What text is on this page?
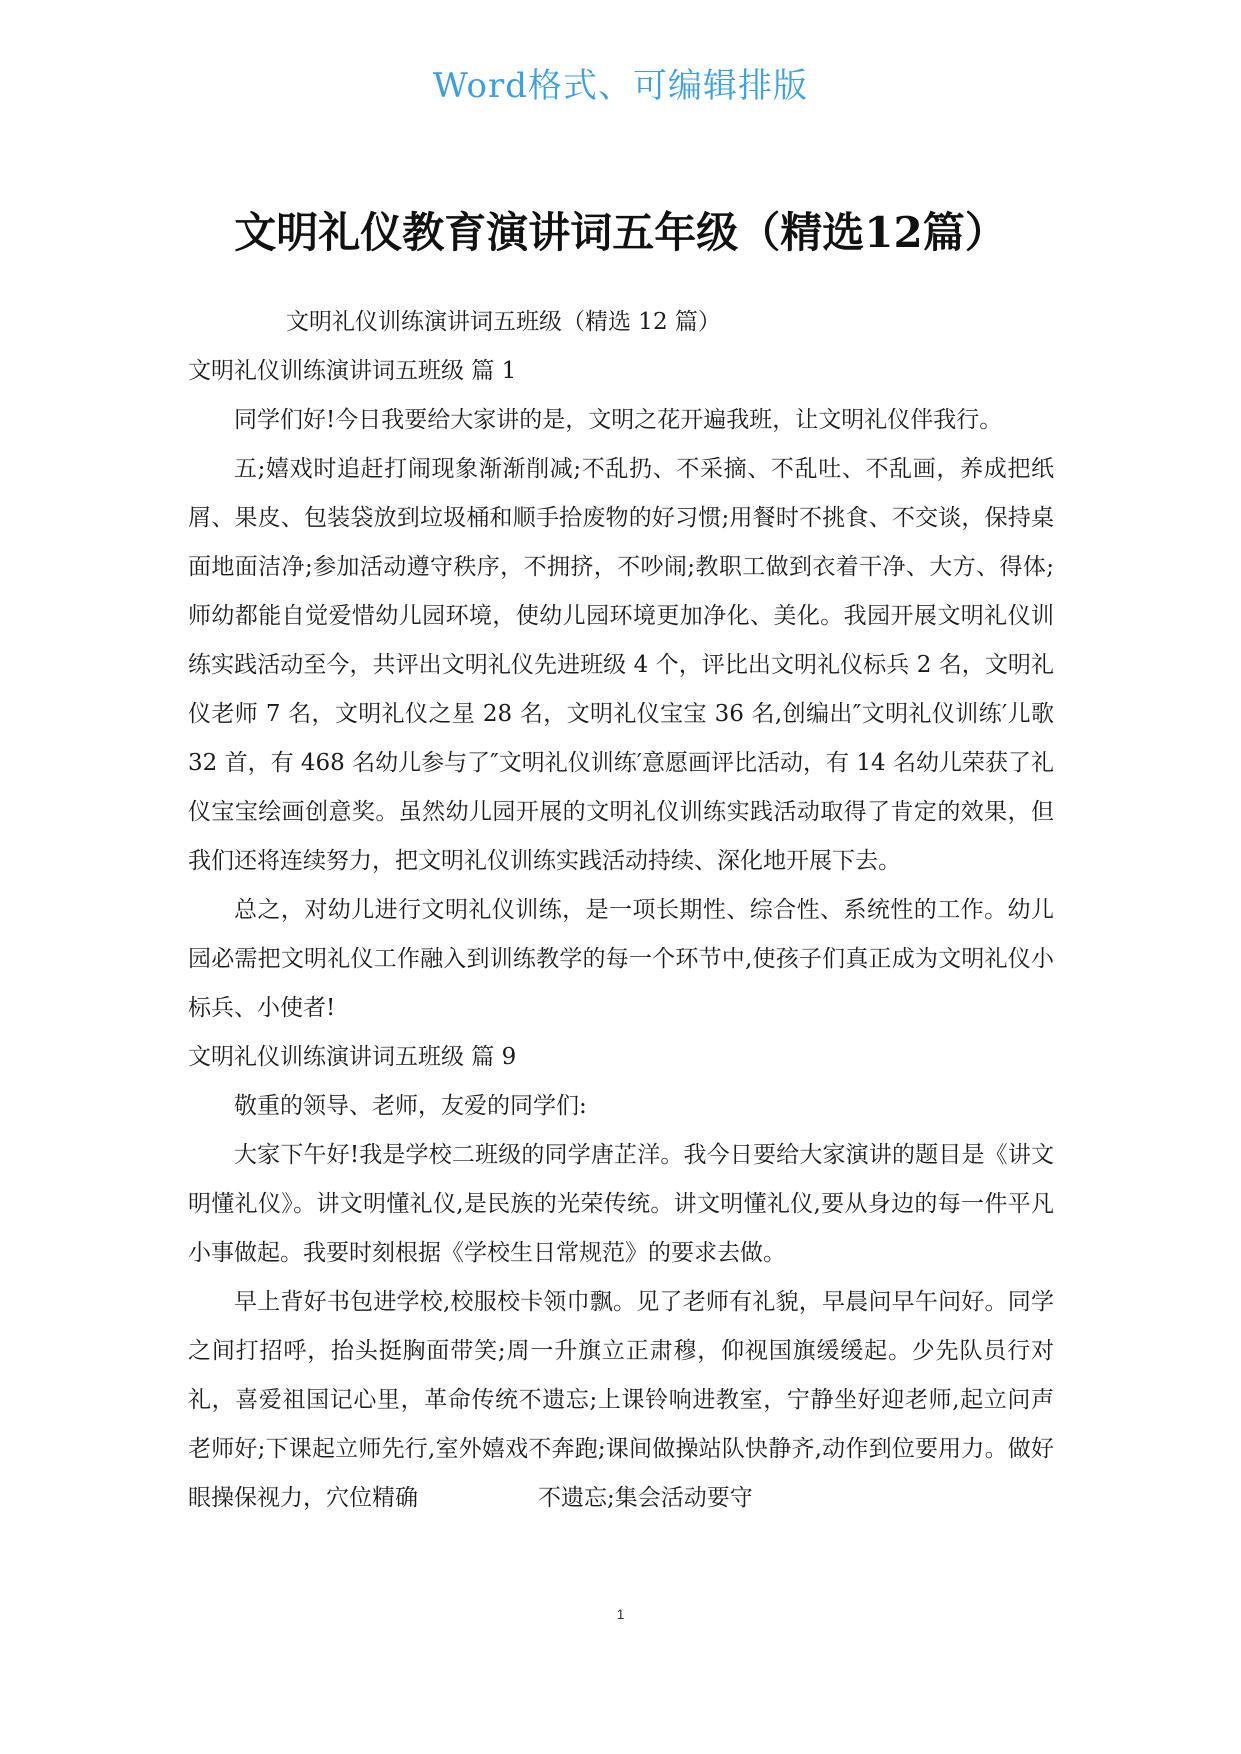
Word格式、可编辑排版
文明礼仪教育演讲词五年级（精选12篇）

文明礼仪训练演讲词五班级（精选 12 篇）

文明礼仪训练演讲词五班级 篇 1

同学们好!今日我要给大家讲的是，文明之花开遍我班，让文明礼仪伴我行。

五;嬉戏时追赶打闹现象渐渐削减;不乱扔、不采摘、不乱吐、不乱画，养成把纸屑、果皮、包装袋放到垃圾桶和顺手拾废物的好习惯;用餐时不挑食、不交谈，保持桌面地面洁净;参加活动遵守秩序，不拥挤，不吵闹;教职工做到衣着干净、大方、得体;师幼都能自觉爱惜幼儿园环境，使幼儿园环境更加净化、美化。我园开展文明礼仪训练实践活动至今，共评出文明礼仪先进班级 4 个，评比出文明礼仪标兵 2 名，文明礼仪老师 7 名，文明礼仪之星 28 名，文明礼仪宝宝 36 名,创编出″文明礼仪训练′儿歌 32 首，有 468 名幼儿参与了″文明礼仪训练′意愿画评比活动，有 14 名幼儿荣获了礼仪宝宝绘画创意奖。虽然幼儿园开展的文明礼仪训练实践活动取得了肯定的效果，但我们还将连续努力，把文明礼仪训练实践活动持续、深化地开展下去。

总之，对幼儿进行文明礼仪训练，是一项长期性、综合性、系统性的工作。幼儿园必需把文明礼仪工作融入到训练教学的每一个环节中,使孩子们真正成为文明礼仪小标兵、小使者!

文明礼仪训练演讲词五班级 篇 9

敬重的领导、老师，友爱的同学们:

大家下午好!我是学校二班级的同学唐芷洋。我今日要给大家演讲的题目是《讲文明懂礼仪》。讲文明懂礼仪,是民族的光荣传统。讲文明懂礼仪,要从身边的每一件平凡小事做起。我要时刻根据《学校生日常规范》的要求去做。

早上背好书包进学校,校服校卡领巾飘。见了老师有礼貌，早晨问早午问好。同学之间打招呼，抬头挺胸面带笑;周一升旗立正肃穆，仰视国旗缓缓起。少先队员行对礼，喜爱祖国记心里，革命传统不遗忘;上课铃响进教室，宁静坐好迎老师,起立问声老师好;下课起立师先行,室外嬉戏不奔跑;课间做操站队快静齐,动作到位要用力。做好眼操保视力，穴位精确	不遗忘;集会活动要守

1
